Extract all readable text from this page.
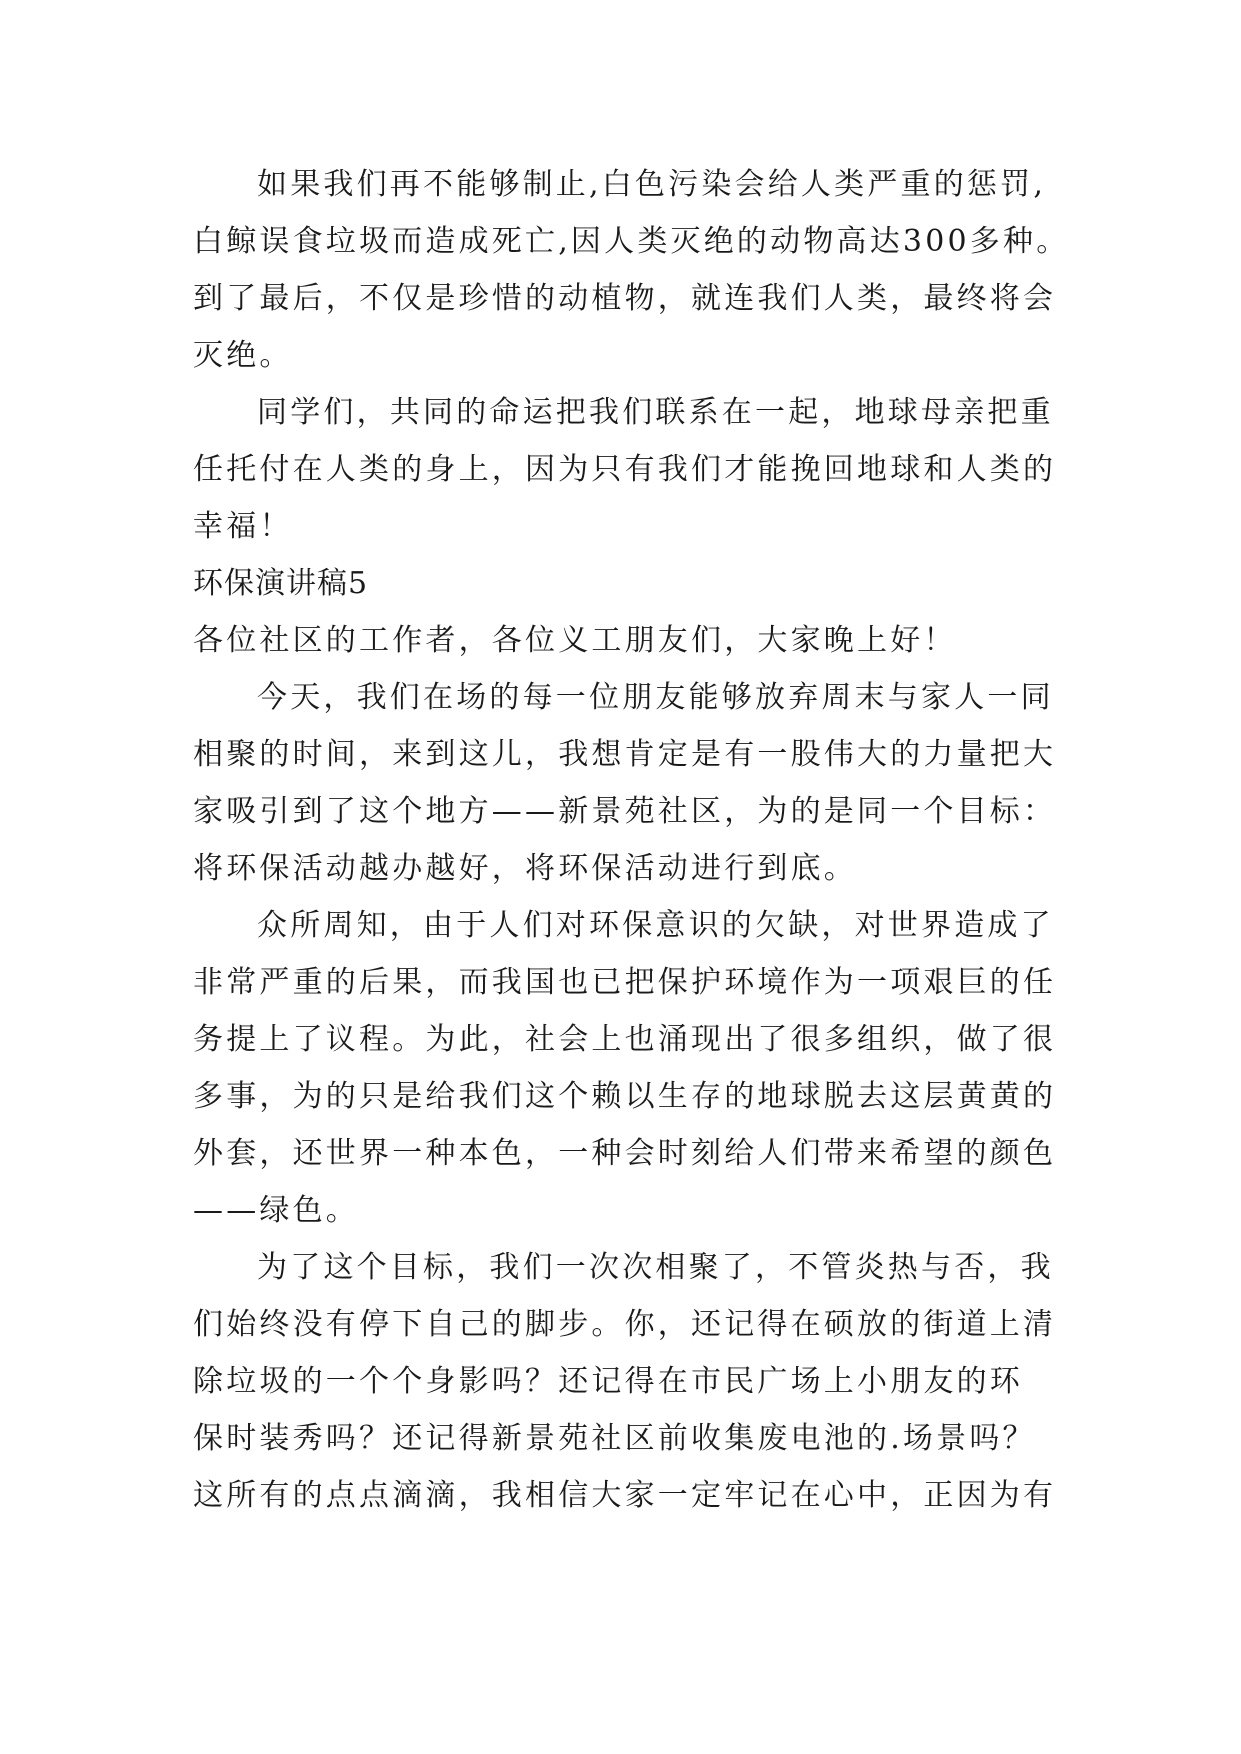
如果我们再不能够制止,白色污染会给人类严重的惩罚,
白鲸误食垃圾而造成死亡,因人类灭绝的动物高达300多种。
到了最后，不仅是珍惜的动植物，就连我们人类，最终将会
灭绝。
同学们，共同的命运把我们联系在一起，地球母亲把重
任托付在人类的身上，因为只有我们才能挽回地球和人类的
幸福！
环保演讲稿5
各位社区的工作者，各位义工朋友们，大家晚上好！
今天，我们在场的每一位朋友能够放弃周末与家人一同
相聚的时间，来到这儿，我想肯定是有一股伟大的力量把大
家吸引到了这个地方——新景苑社区，为的是同一个目标：
将环保活动越办越好，将环保活动进行到底。
众所周知，由于人们对环保意识的欠缺，对世界造成了
非常严重的后果，而我国也已把保护环境作为一项艰巨的任
务提上了议程。为此，社会上也涌现出了很多组织，做了很
多事，为的只是给我们这个赖以生存的地球脱去这层黄黄的
外套，还世界一种本色，一种会时刻给人们带来希望的颜色
——绿色。
为了这个目标，我们一次次相聚了，不管炎热与否，我
们始终没有停下自己的脚步。你，还记得在硕放的街道上清
除垃圾的一个个身影吗？还记得在市民广场上小朋友的环
保时装秀吗？还记得新景苑社区前收集废电池的.场景吗？
这所有的点点滴滴，我相信大家一定牢记在心中，正因为有
